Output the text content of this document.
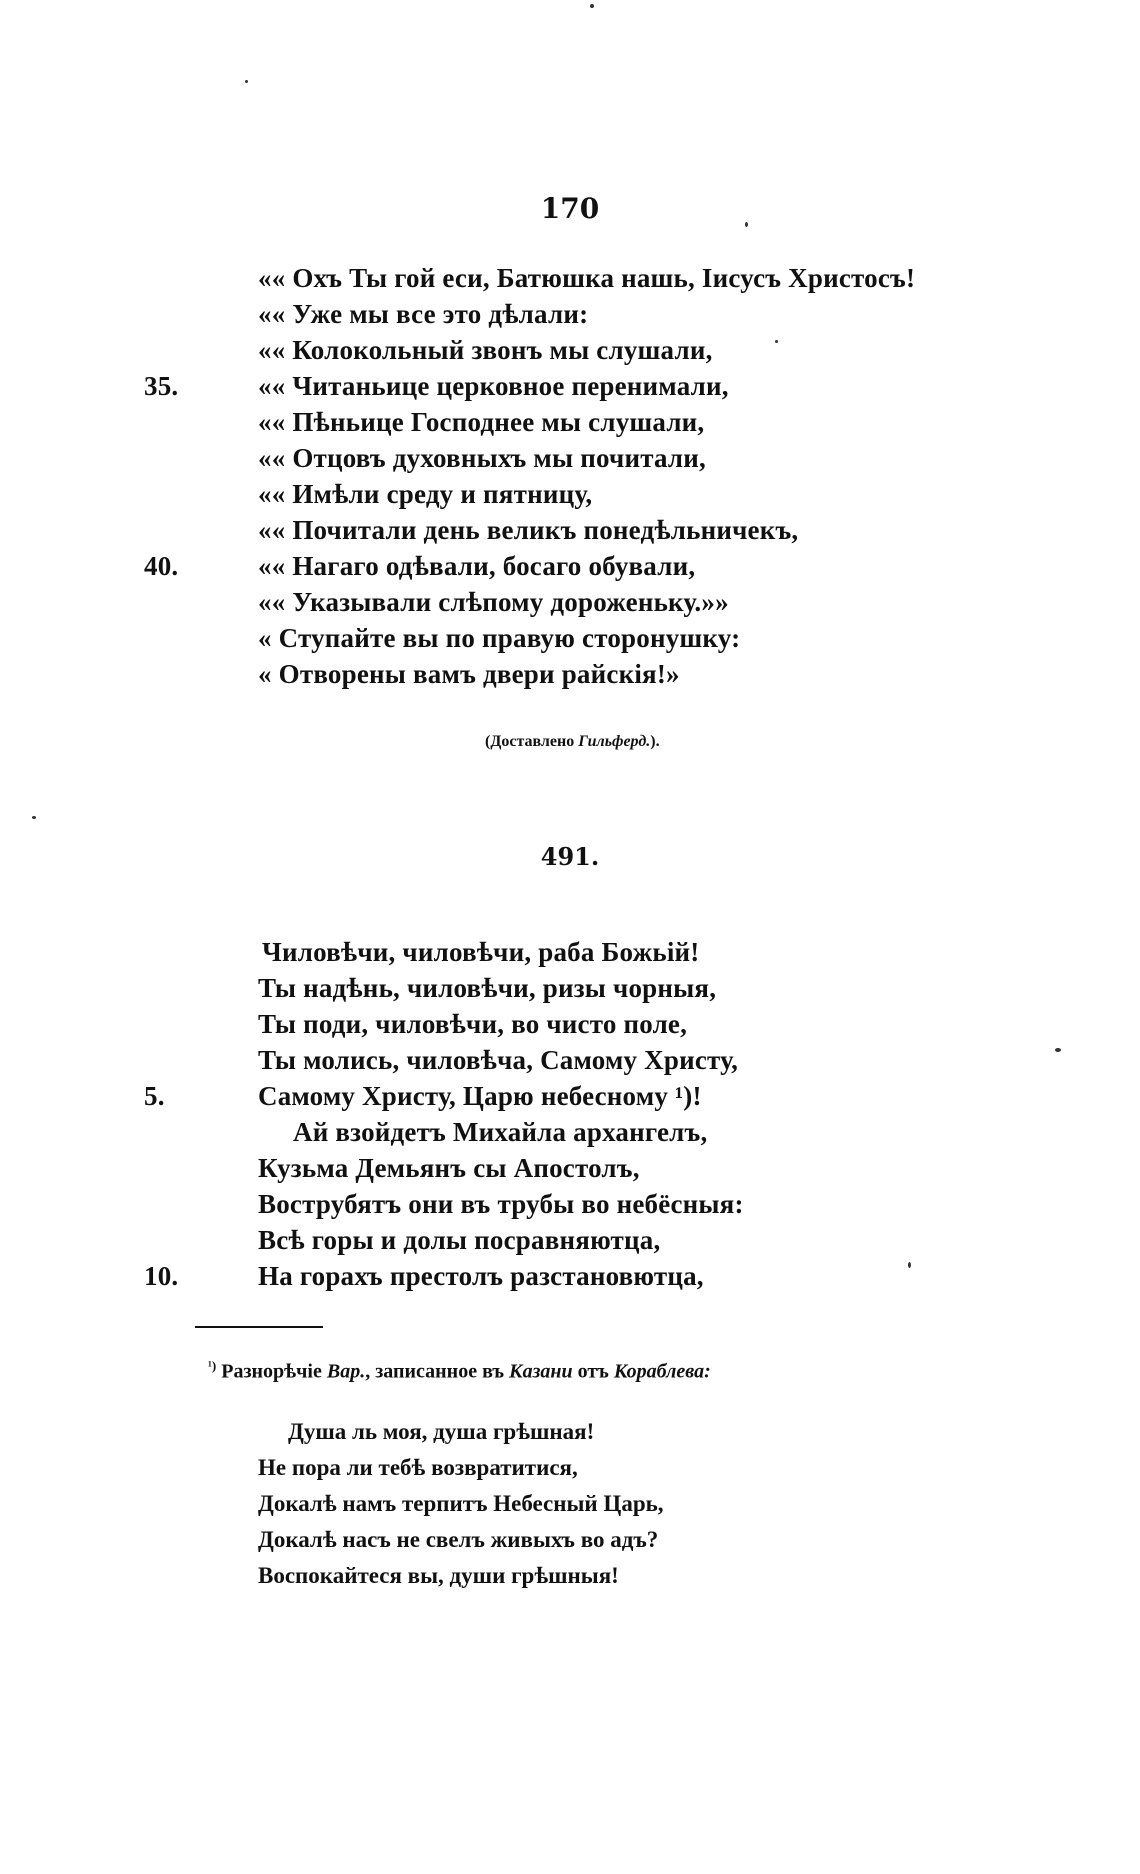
170
«« Охъ Ты гой еси, Батюшка нашь, Іисусъ Христосъ!
«« Уже мы все это дѣлали:
«« Колокольный звонъ мы слушали,
35.	«« Читаньице церковное перенимали,
«« Пѣньице Господнее мы слушали,
«« Отцовъ духовныхъ мы почитали,
«« Имѣли среду и пятницу,
«« Почитали день великъ понедѣльничекъ,
40.	«« Нагаго одѣвали, босаго обували,
«« Указывали слѣпому дороженьку.»»
« Ступайте вы по правую сторонушку:
« Отворены вамъ двери райскія!»
(Доставлено Гильферд.).
491.
Чиловѣчи, чиловѣчи, раба Божьій!
Ты надѣнь, чиловѣчи, ризы чорныя,
Ты поди, чиловѣчи, во чисто поле,
Ты молись, чиловѣча, Самому Христу,
5.	Самому Христу, Царю небесному ¹)!
Ай взойдетъ Михайла архангелъ,
Кузьма Демьянъ сы Апостолъ,
Вострубятъ они въ трубы во небёсныя:
Всѣ горы и долы посравняютца,
10.	На горахъ престолъ разстановютца,
$^{^1)}$ Разнорѣчіе Вар., записанное въ Казани отъ Кораблева:
Душа ль моя, душа грѣшная!
Не пора ли тебѣ возвратитися,
Докалѣ намъ терпитъ Небесный Царь,
Докалѣ насъ не свелъ живыхъ во адъ?
Воспокайтеся вы, души грѣшныя!
